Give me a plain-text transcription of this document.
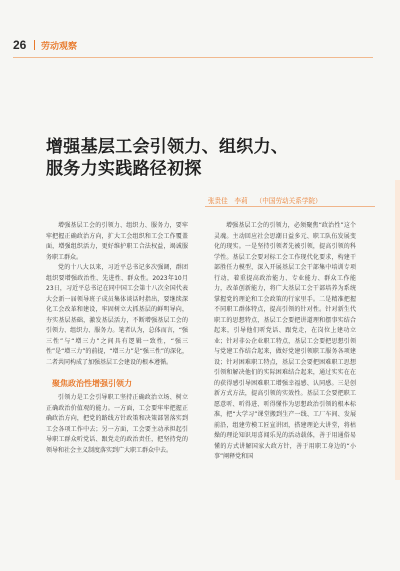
26 劳动观察
增强基层工会引领力、组织力、
服务力实践路径初探
张贵佳　李莉 （中国劳动关系学院）

增强基层工会的引领力、组织力、服务力，要牢牢把握正确政治方向，扩大工会组织和工会工作覆盖面，增强组织活力，更好维护职工合法权益，竭诚服务职工群众。

党的十八大以来，习近平总书记多次强调，群团组织要增强政治性、先进性、群众性。2023年10月23日，习近平总书记在同中国工会第十八次全国代表大会新一届领导班子成员集体谈话时指出，要继续深化工会改革和建设，牢固树立大抓基层的鲜明导向，夯实基层基础，激发基层活力，不断增强基层工会的引领力、组织力、服务力。笔者认为，总体而言，“强三性”与“增三力”之间具有逻辑一致性，“强三性”是“增三力”的前提，“增三力”是“强三性”的深化，二者共同构成了加强基层工会建设的根本遵循。

聚焦政治性增强引领力

引领力是工会引导职工坚持正确政治立场、树立正确政治价值观的能力。一方面，工会要牢牢把握正确政治方向，把党的路线方针政策和决策部署落实到工会各项工作中去；另一方面，工会要主动承担起引导职工群众听党话、跟党走的政治责任，把坚持党的领导和社会主义制度落实到广大职工群众中去。

增强基层工会的引领力，必须聚焦“政治性”这个灵魂。主动回应社会思潮日益多元、职工队伍发展变化的现实。一是坚持引领者先被引领，提高引领的科学性。基层工会要对标工会工作现代化要求，构建干部胜任力模型，深入开展基层工会干部集中培训专项行动，着重提高政治能力、专业能力、群众工作能力，改革创新能力，将广大基层工会干部培养为系统掌握党的理论和工会政策的行家里手。二是精准把握不同职工群体特点，提高引领的针对性。针对新生代职工的思想特点，基层工会要把讲道理和摆事实结合起来，引导他们听党话、跟党走，在岗位上建功立业；针对非公企业职工特点，基层工会要把思想引领与党建工作结合起来，做好党建引领职工服务各项建设；针对困难职工特点，基层工会要把困难职工思想引领和解决他们的实际困难结合起来，通过实实在在的获得感引导困难职工增强幸福感、认同感。三是创新方式方法，提高引领的实效性。基层工会要把职工愿意听、听得进、听得懂作为思想政治引领的根本标准，把“大学习”课堂搬到生产一线、工厂车间、发展前沿，组建劳模工匠宣讲团，搭建理论大讲堂，将枯燥的理论知识用喜闻乐见的活动载体，善于用通俗易懂的方式讲解国家大政方针，善于用职工身边的“小事”阐释党和国
